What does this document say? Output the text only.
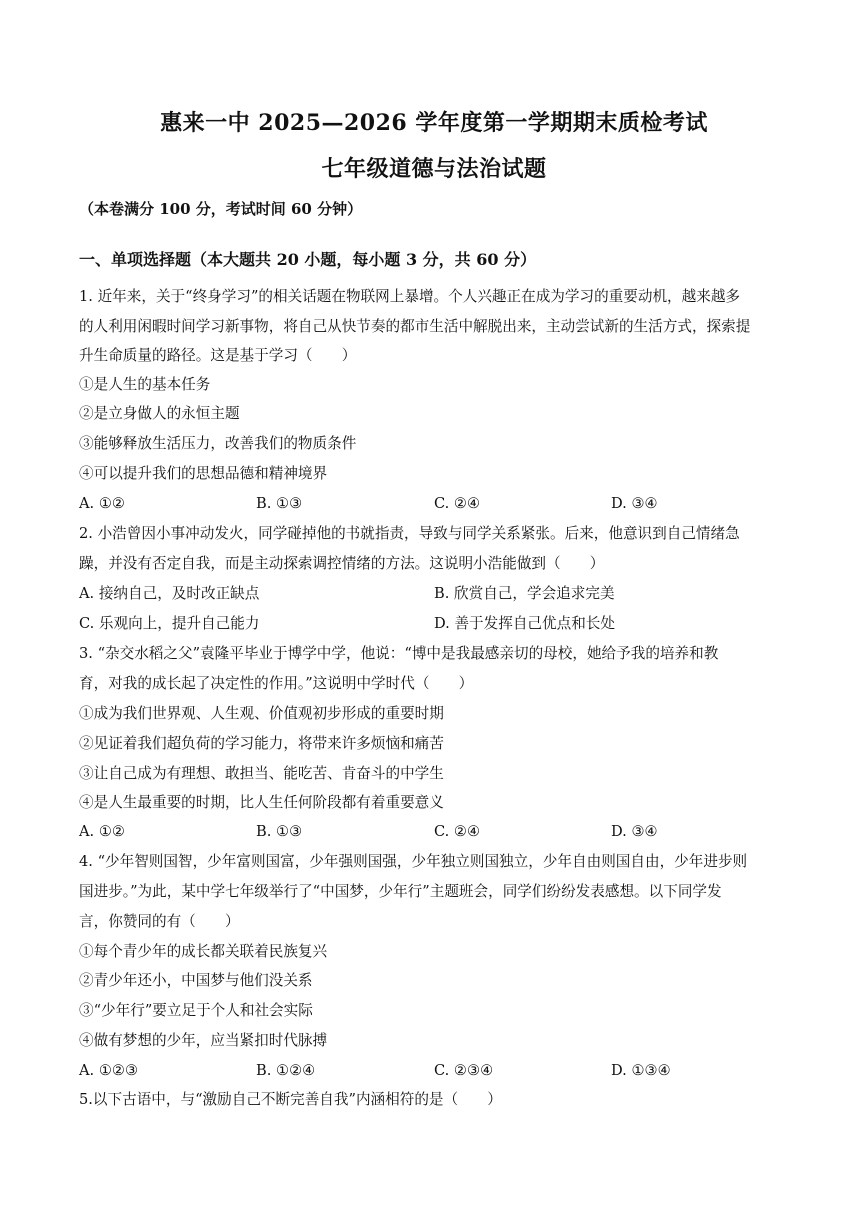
惠来一中 2025—2026 学年度第一学期期末质检考试
七年级道德与法治试题
（本卷满分 100 分，考试时间 60 分钟）
一、单项选择题（本大题共 20 小题，每小题 3 分，共 60 分）
1. 近年来，关于“终身学习”的相关话题在物联网上暴增。个人兴趣正在成为学习的重要动机，越来越多
的人利用闲暇时间学习新事物，将自己从快节奏的都市生活中解脱出来，主动尝试新的生活方式，探索提
升生命质量的路径。这是基于学习（　　）
①是人生的基本任务
②是立身做人的永恒主题
③能够释放生活压力，改善我们的物质条件
④可以提升我们的思想品德和精神境界
A. ①②	B. ①③	C. ②④	D. ③④
2. 小浩曾因小事冲动发火，同学碰掉他的书就指责，导致与同学关系紧张。后来，他意识到自己情绪急
躁，并没有否定自我，而是主动探索调控情绪的方法。这说明小浩能做到（　　）
A. 接纳自己，及时改正缺点	B. 欣赏自己，学会追求完美
C. 乐观向上，提升自己能力	D. 善于发挥自己优点和长处
3. “杂交水稻之父”袁隆平毕业于博学中学，他说：“博中是我最感亲切的母校，她给予我的培养和教
育，对我的成长起了决定性的作用。”这说明中学时代（　　）
①成为我们世界观、人生观、价值观初步形成的重要时期
②见证着我们超负荷的学习能力，将带来许多烦恼和痛苦
③让自己成为有理想、敢担当、能吃苦、肯奋斗的中学生
④是人生最重要的时期，比人生任何阶段都有着重要意义
A. ①②	B. ①③	C. ②④	D. ③④
4. “少年智则国智，少年富则国富，少年强则国强，少年独立则国独立，少年自由则国自由，少年进步则
国进步。”为此，某中学七年级举行了“中国梦，少年行”主题班会，同学们纷纷发表感想。以下同学发
言，你赞同的有（　　）
①每个青少年的成长都关联着民族复兴
②青少年还小，中国梦与他们没关系
③“少年行”要立足于个人和社会实际
④做有梦想的少年，应当紧扣时代脉搏
A. ①②③	B. ①②④	C. ②③④	D. ①③④
5.以下古语中，与“激励自己不断完善自我”内涵相符的是（　　）
